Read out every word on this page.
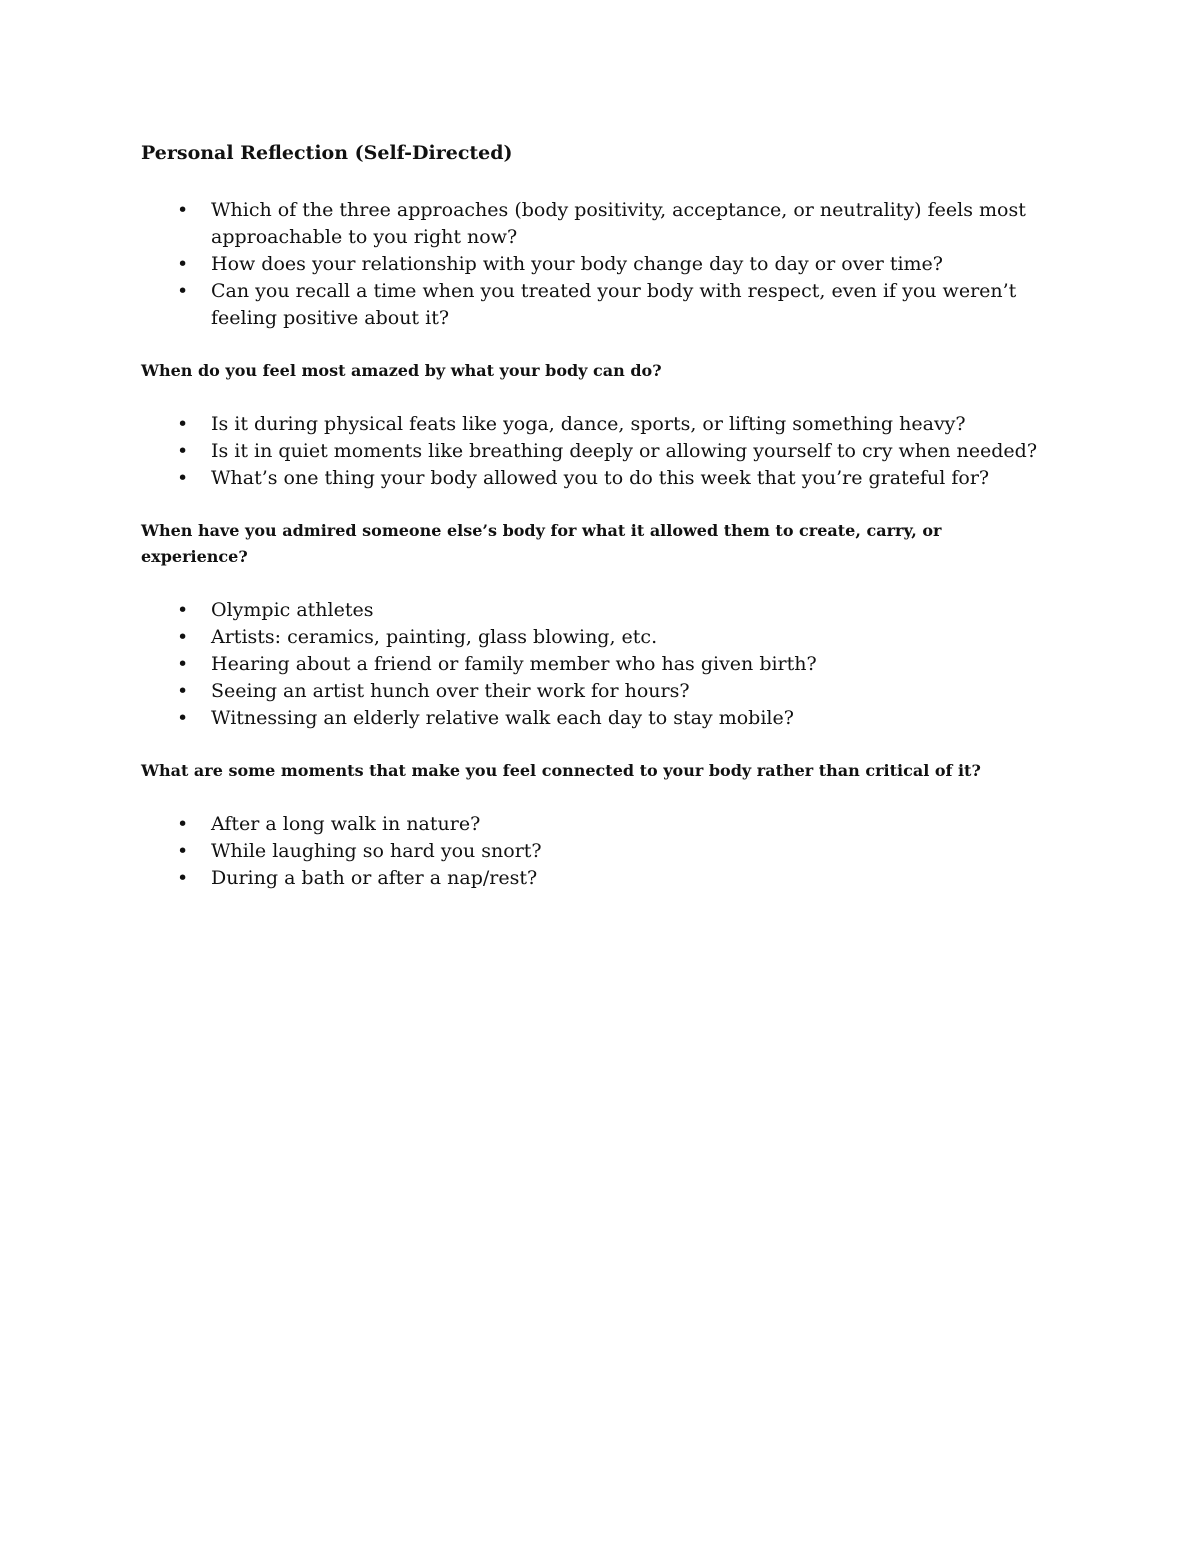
Personal Reflection (Self-Directed)
• Which of the three approaches (body positivity, acceptance, or neutrality) feels most approachable to you right now?
• How does your relationship with your body change day to day or over time?
• Can you recall a time when you treated your body with respect, even if you weren’t feeling positive about it?

When do you feel most amazed by what your body can do?

• Is it during physical feats like yoga, dance, sports, or lifting something heavy?
• Is it in quiet moments like breathing deeply or allowing yourself to cry when needed?
• What’s one thing your body allowed you to do this week that you’re grateful for?

When have you admired someone else’s body for what it allowed them to create, carry, or experience?

• Olympic athletes
• Artists: ceramics, painting, glass blowing, etc.
• Hearing about a friend or family member who has given birth?
• Seeing an artist hunch over their work for hours?
• Witnessing an elderly relative walk each day to stay mobile?

What are some moments that make you feel connected to your body rather than critical of it?

• After a long walk in nature?
• While laughing so hard you snort?
• During a bath or after a nap/rest?
